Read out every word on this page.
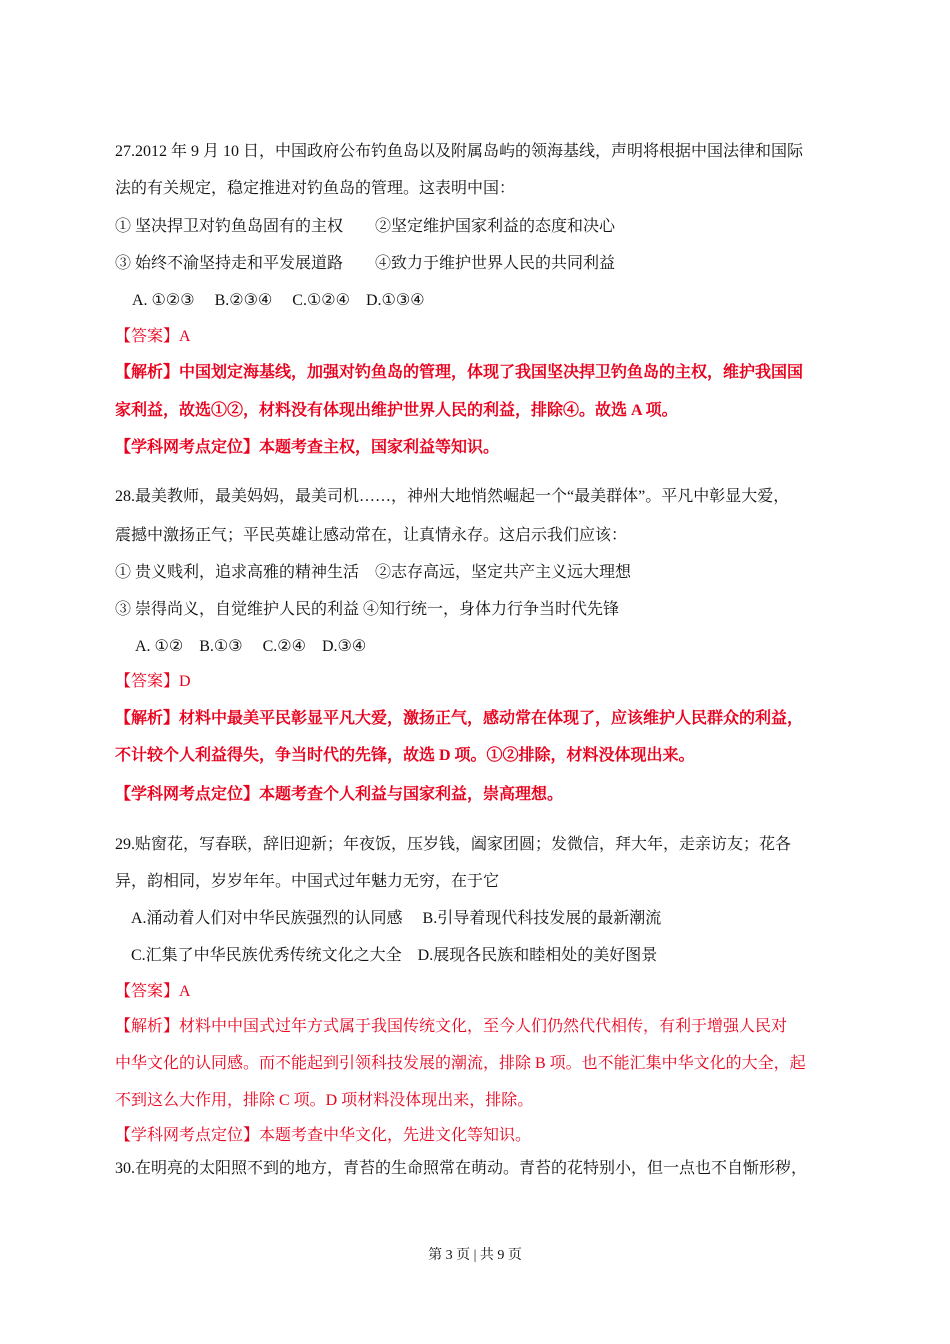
27.2012 年 9 月 10 日，中国政府公布钓鱼岛以及附属岛屿的领海基线，声明将根据中国法律和国际
法的有关规定，稳定推进对钓鱼岛的管理。这表明中国：
① 坚决捍卫对钓鱼岛固有的主权　　②坚定维护国家利益的态度和决心
③ 始终不渝坚持走和平发展道路　　④致力于维护世界人民的共同利益
A. ①②③　 B.②③④　 C.①②④　D.①③④
【答案】A
【解析】中国划定海基线，加强对钓鱼岛的管理，体现了我国坚决捍卫钓鱼岛的主权，维护我国国
家利益，故选①②，材料没有体现出维护世界人民的利益，排除④。故选 A 项。
【学科网考点定位】本题考查主权，国家利益等知识。
28.最美教师，最美妈妈，最美司机……，神州大地悄然崛起一个“最美群体”。平凡中彰显大爱，
震撼中激扬正气；平民英雄让感动常在，让真情永存。这启示我们应该：
① 贵义贱利，追求高雅的精神生活　②志存高远，坚定共产主义远大理想
③ 崇得尚义，自觉维护人民的利益 ④知行统一，身体力行争当时代先锋
A. ①②　B.①③　 C.②④　D.③④
【答案】D
【解析】材料中最美平民彰显平凡大爱，激扬正气，感动常在体现了，应该维护人民群众的利益，
不计较个人利益得失，争当时代的先锋，故选 D 项。①②排除，材料没体现出来。
【学科网考点定位】本题考查个人利益与国家利益，崇高理想。
29.贴窗花，写春联，辞旧迎新；年夜饭，压岁钱，阖家团圆；发微信，拜大年，走亲访友；花各
异，韵相同，岁岁年年。中国式过年魅力无穷，在于它
A.涌动着人们对中华民族强烈的认同感　 B.引导着现代科技发展的最新潮流
C.汇集了中华民族优秀传统文化之大全　D.展现各民族和睦相处的美好图景
【答案】A
【解析】材料中中国式过年方式属于我国传统文化，至今人们仍然代代相传，有利于增强人民对
中华文化的认同感。而不能起到引领科技发展的潮流，排除 B 项。也不能汇集中华文化的大全，起
不到这么大作用，排除 C 项。D 项材料没体现出来，排除。
【学科网考点定位】本题考查中华文化，先进文化等知识。
30.在明亮的太阳照不到的地方，青苔的生命照常在萌动。青苔的花特别小，但一点也不自惭形秽，
第 3 页 | 共 9 页
